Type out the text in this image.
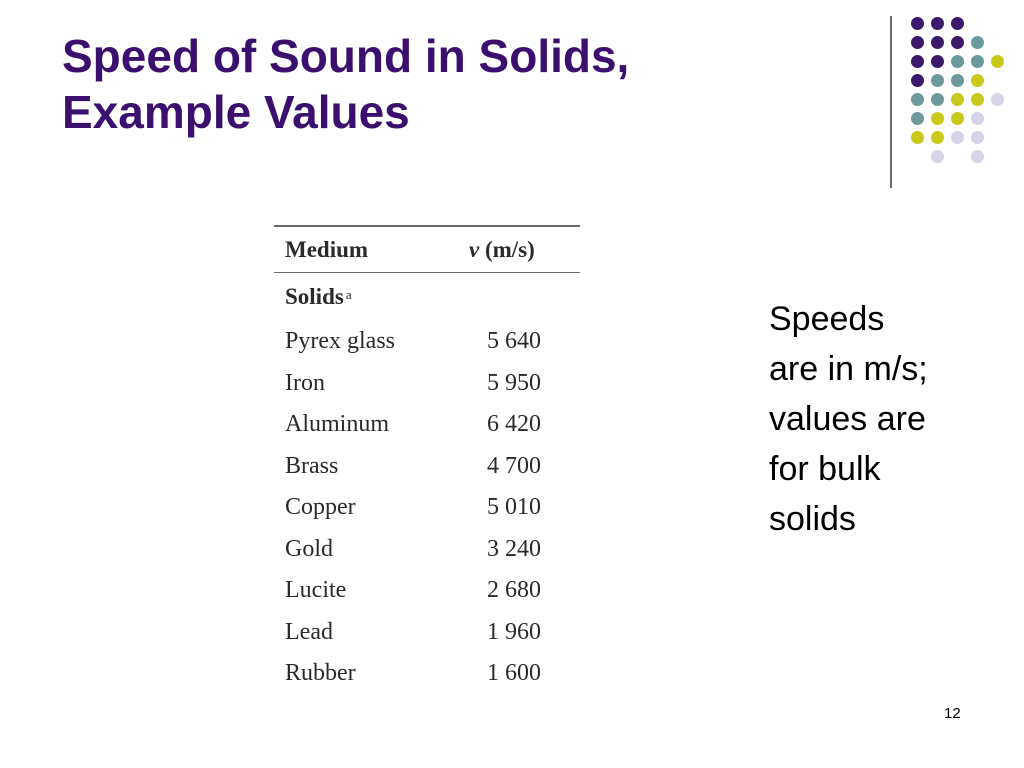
Speed of Sound in Solids,
Example Values
Medium	v (m/s)
Solids$^a$
Pyrex glass	5 640
Iron	5 950
Aluminum	6 420
Brass	4 700
Copper	5 010
Gold	3 240
Lucite	2 680
Lead	1 960
Rubber	1 600
Speeds
are in m/s;
values are
for bulk
solids
12
